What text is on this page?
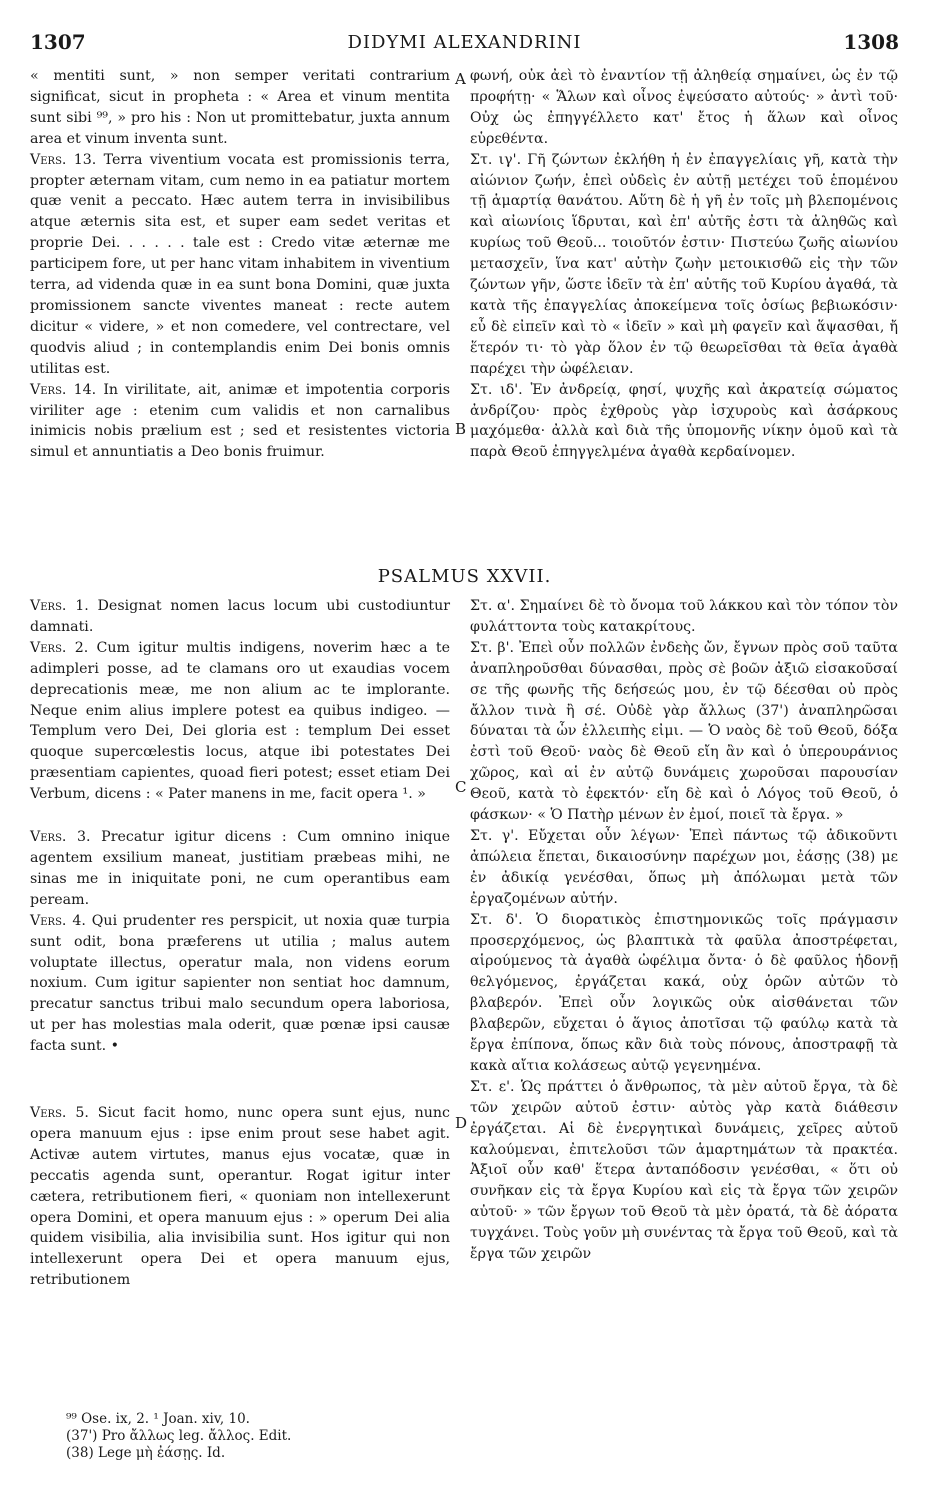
1307	DIDYMI ALEXANDRINI	1308

« mentiti sunt, » non semper veritati contrarium significat, sicut in propheta : « Area et vinum mentita sunt sibi ⁹⁹, » pro his : Non ut promittebatur, juxta annum area et vinum inventa sunt.

Vers. 13. Terra viventium vocata est promissionis terra, propter æternam vitam, cum nemo in ea patiatur mortem quæ venit a peccato. Hæc autem terra in invisibilibus atque æternis sita est, et super eam sedet veritas et proprie Dei. . . . . . tale est : Credo vitæ æternæ me participem fore, ut per hanc vitam inhabitem in viventium terra, ad videnda quæ in ea sunt bona Domini, quæ juxta promissionem sancte viventes maneat : recte autem dicitur « videre, » et non comedere, vel contrectare, vel quodvis aliud ; in contemplandis enim Dei bonis omnis utilitas est.

Vers. 14. In virilitate, ait, animæ et impotentia corporis viriliter age : etenim cum validis et non carnalibus inimicis nobis prælium est ; sed et resistentes victoria simul et annuntiatis a Deo bonis fruimur.

φωνή, οὐκ ἀεὶ τὸ ἐναντίον τῇ ἀληθείᾳ σημαίνει, ὡς ἐν τῷ προφήτῃ· « Ἅλων καὶ οἶνος ἐψεύσατο αὐτούς· » ἀντὶ τοῦ· Οὐχ ὡς ἐπηγγέλλετο κατ' ἔτος ἡ ἅλων καὶ οἶνος εὑρεθέντα.

Στ. ιγ'. Γῆ ζώντων ἐκλήθη ἡ ἐν ἐπαγγελίαις γῆ, κατὰ τὴν αἰώνιον ζωήν, ἐπεὶ οὐδεὶς ἐν αὐτῇ μετέχει τοῦ ἑπομένου τῇ ἁμαρτίᾳ θανάτου. Αὕτη δὲ ἡ γῆ ἐν τοῖς μὴ βλεπομένοις καὶ αἰωνίοις ἵδρυται, καὶ ἐπ' αὐτῆς ἐστι τὰ ἀληθῶς καὶ κυρίως τοῦ Θεοῦ... τοιοῦτόν ἐστιν· Πιστεύω ζωῆς αἰωνίου μετασχεῖν, ἵνα κατ' αὐτὴν ζωὴν μετοικισθῶ εἰς τὴν τῶν ζώντων γῆν, ὥστε ἰδεῖν τὰ ἐπ' αὐτῆς τοῦ Κυρίου ἀγαθά, τὰ κατὰ τῆς ἐπαγγελίας ἀποκείμενα τοῖς ὁσίως βεβιωκόσιν· εὖ δὲ εἰπεῖν καὶ τὸ « ἰδεῖν » καὶ μὴ φαγεῖν καὶ ἅψασθαι, ἤ ἕτερόν τι· τὸ γὰρ ὅλον ἐν τῷ θεωρεῖσθαι τὰ θεῖα ἀγαθὰ παρέχει τὴν ὠφέλειαν.

Στ. ιδ'. Ἐν ἀνδρείᾳ, φησί, ψυχῆς καὶ ἀκρατείᾳ σώματος ἀνδρίζου· πρὸς ἐχθροὺς γὰρ ἰσχυροὺς καὶ ἀσάρκους μαχόμεθα· ἀλλὰ καὶ διὰ τῆς ὑπομονῆς νίκην ὁμοῦ καὶ τὰ παρὰ Θεοῦ ἐπηγγελμένα ἀγαθὰ κερδαίνομεν.

PSALMUS XXVII.

Vers. 1. Designat nomen lacus locum ubi custodiuntur damnati.

Vers. 2. Cum igitur multis indigens, noverim hæc a te adimpleri posse, ad te clamans oro ut exaudias vocem deprecationis meæ, me non alium ac te implorante. Neque enim alius implere potest ea quibus indigeo. — Templum vero Dei, Dei gloria est : templum Dei esset quoque supercœlestis locus, atque ibi potestates Dei præsentiam capientes, quoad fieri potest; esset etiam Dei Verbum, dicens : « Pater manens in me, facit opera ¹. »

Vers. 3. Precatur igitur dicens : Cum omnino inique agentem exsilium maneat, justitiam præbeas mihi, ne sinas me in iniquitate poni, ne cum operantibus eam peream.

Vers. 4. Qui prudenter res perspicit, ut noxia quæ turpia sunt odit, bona præferens ut utilia ; malus autem voluptate illectus, operatur mala, non videns eorum noxium. Cum igitur sapienter non sentiat hoc damnum, precatur sanctus tribui malo secundum opera laboriosa, ut per has molestias mala oderit, quæ pœnæ ipsi causæ facta sunt. •

Vers. 5. Sicut facit homo, nunc opera sunt ejus, nunc opera manuum ejus : ipse enim prout sese habet agit. Activæ autem virtutes, manus ejus vocatæ, quæ in peccatis agenda sunt, operantur. Rogat igitur inter cætera, retributionem fieri, « quoniam non intellexerunt opera Domini, et opera manuum ejus : » operum Dei alia quidem visibilia, alia invisibilia sunt. Hos igitur qui non intellexerunt opera Dei et opera manuum ejus, retributionem

Στ. α'. Σημαίνει δὲ τὸ ὄνομα τοῦ λάκκου καὶ τὸν τόπον τὸν φυλάττοντα τοὺς κατακρίτους.

Στ. β'. Ἐπεὶ οὖν πολλῶν ἐνδεὴς ὤν, ἔγνων πρὸς σοῦ ταῦτα ἀναπληροῦσθαι δύνασθαι, πρὸς σὲ βοῶν ἀξιῶ εἰσακοῦσαί σε τῆς φωνῆς τῆς δεήσεώς μου, ἐν τῷ δέεσθαι οὐ πρὸς ἄλλον τινὰ ἢ σέ. Οὐδὲ γὰρ ἄλλως (37') ἀναπληρῶσαι δύναται τὰ ὧν ἐλλειπὴς εἰμι. — Ὁ ναὸς δὲ τοῦ Θεοῦ, δόξα ἐστὶ τοῦ Θεοῦ· ναὸς δὲ Θεοῦ εἴη ἂν καὶ ὁ ὑπερουράνιος χῶρος, καὶ αἱ ἐν αὐτῷ δυνάμεις χωροῦσαι παρουσίαν Θεοῦ, κατὰ τὸ ἐφεκτόν· εἴη δὲ καὶ ὁ Λόγος τοῦ Θεοῦ, ὁ φάσκων· « Ὁ Πατὴρ μένων ἐν ἐμοί, ποιεῖ τὰ ἔργα. »

Στ. γ'. Εὔχεται οὖν λέγων· Ἐπεὶ πάντως τῷ ἀδικοῦντι ἀπώλεια ἕπεται, δικαιοσύνην παρέχων μοι, ἐάσῃς (38) με ἐν ἀδικίᾳ γενέσθαι, ὅπως μὴ ἀπόλωμαι μετὰ τῶν ἐργαζομένων αὐτήν.

Στ. δ'. Ὁ διορατικὸς ἐπιστημονικῶς τοῖς πράγμασιν προσερχόμενος, ὡς βλαπτικὰ τὰ φαῦλα ἀποστρέφεται, αἱρούμενος τὰ ἀγαθὰ ὠφέλιμα ὄντα· ὁ δὲ φαῦλος ἡδονῇ θελγόμενος, ἐργάζεται κακά, οὐχ ὁρῶν αὐτῶν τὸ βλαβερόν. Ἐπεὶ οὖν λογικῶς οὐκ αἰσθάνεται τῶν βλαβερῶν, εὔχεται ὁ ἅγιος ἀποτῖσαι τῷ φαύλῳ κατὰ τὰ ἔργα ἐπίπονα, ὅπως κἂν διὰ τοὺς πόνους, ἀποστραφῇ τὰ κακὰ αἴτια κολάσεως αὐτῷ γεγενημένα.

Στ. ε'. Ὡς πράττει ὁ ἄνθρωπος, τὰ μὲν αὐτοῦ ἔργα, τὰ δὲ τῶν χειρῶν αὐτοῦ ἐστιν· αὐτὸς γὰρ κατὰ διάθεσιν ἐργάζεται. Αἱ δὲ ἐνεργητικαὶ δυνάμεις, χεῖρες αὐτοῦ καλούμεναι, ἐπιτελοῦσι τῶν ἁμαρτημάτων τὰ πρακτέα. Ἀξιοῖ οὖν καθ' ἕτερα ἀνταπόδοσιν γενέσθαι, « ὅτι οὐ συνῆκαν εἰς τὰ ἔργα Κυρίου καὶ εἰς τὰ ἔργα τῶν χειρῶν αὐτοῦ· » τῶν ἔργων τοῦ Θεοῦ τὰ μὲν ὁρατά, τὰ δὲ ἀόρατα τυγχάνει. Τοὺς γοῦν μὴ συνέντας τὰ ἔργα τοῦ Θεοῦ, καὶ τὰ ἔργα τῶν χειρῶν

A
B
C
D
⁹⁹ Ose. ix, 2. ¹ Joan. xiv, 10.
(37') Pro ἄλλως leg. ἄλλος. Edit.
(38) Lege μὴ ἐάσῃς. Id.
